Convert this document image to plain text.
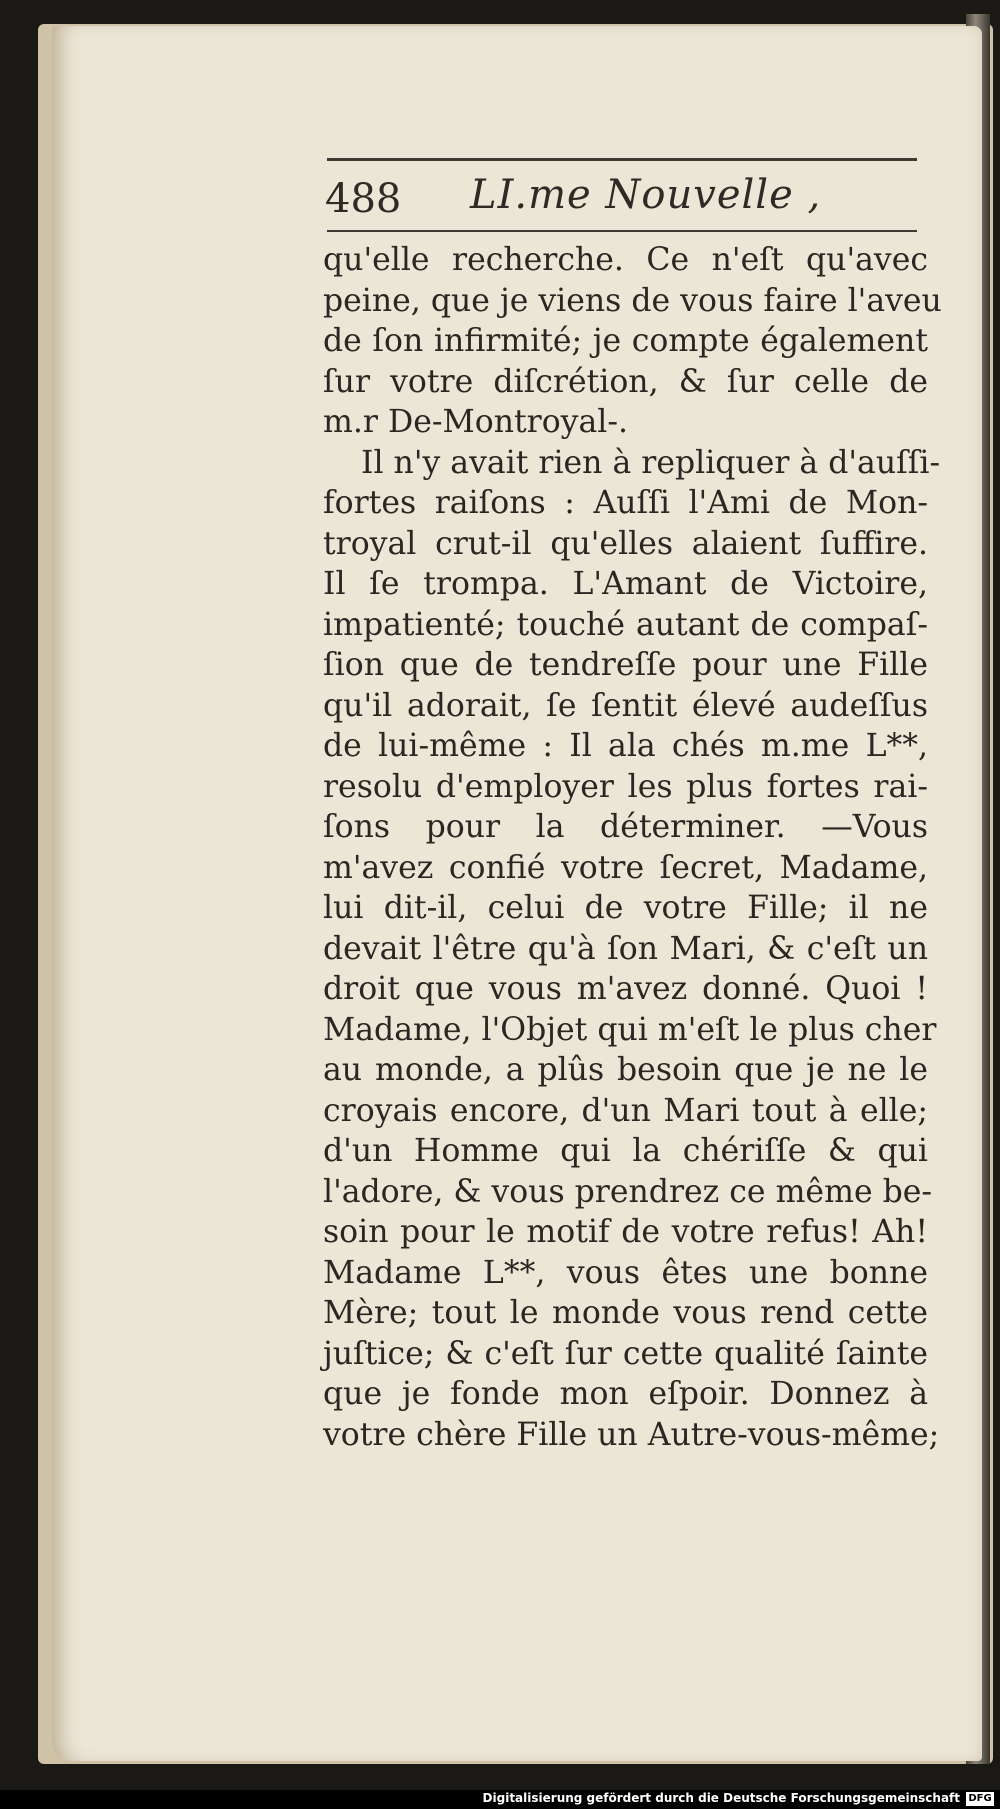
488 LI.me Nouvelle ,
qu'elle recherche. Ce n'eſt qu'avec
peine, que je viens de vous faire l'aveu
de ſon infirmité; je compte également
ſur votre diſcrétion, & ſur celle de
m.r De-Montroyal-.
Il n'y avait rien à repliquer à d'auſſi-
fortes raiſons : Auſſi l'Ami de Mon-
troyal crut-il qu'elles alaient ſuffire.
Il ſe trompa. L'Amant de Victoire,
impatienté; touché autant de compaſ-
ſion que de tendreſſe pour une Fille
qu'il adorait, ſe ſentit élevé audeſſus
de lui-même : Il ala chés m.me L**,
resolu d'employer les plus fortes rai-
ſons pour la déterminer. —Vous
m'avez confié votre ſecret, Madame,
lui dit-il, celui de votre Fille; il ne
devait l'être qu'à ſon Mari, & c'eſt un
droit que vous m'avez donné. Quoi !
Madame, l'Objet qui m'eſt le plus cher
au monde, a plûs besoin que je ne le
croyais encore, d'un Mari tout à elle;
d'un Homme qui la chériſſe & qui
l'adore, & vous prendrez ce même be-
soin pour le motif de votre refus! Ah!
Madame L**, vous êtes une bonne
Mère; tout le monde vous rend cette
juſtice; & c'eſt ſur cette qualité ſainte
que je fonde mon eſpoir. Donnez à
votre chère Fille un Autre-vous-même;
Digitalisierung gefördert durch die Deutsche Forschungsgemeinschaft DFG
